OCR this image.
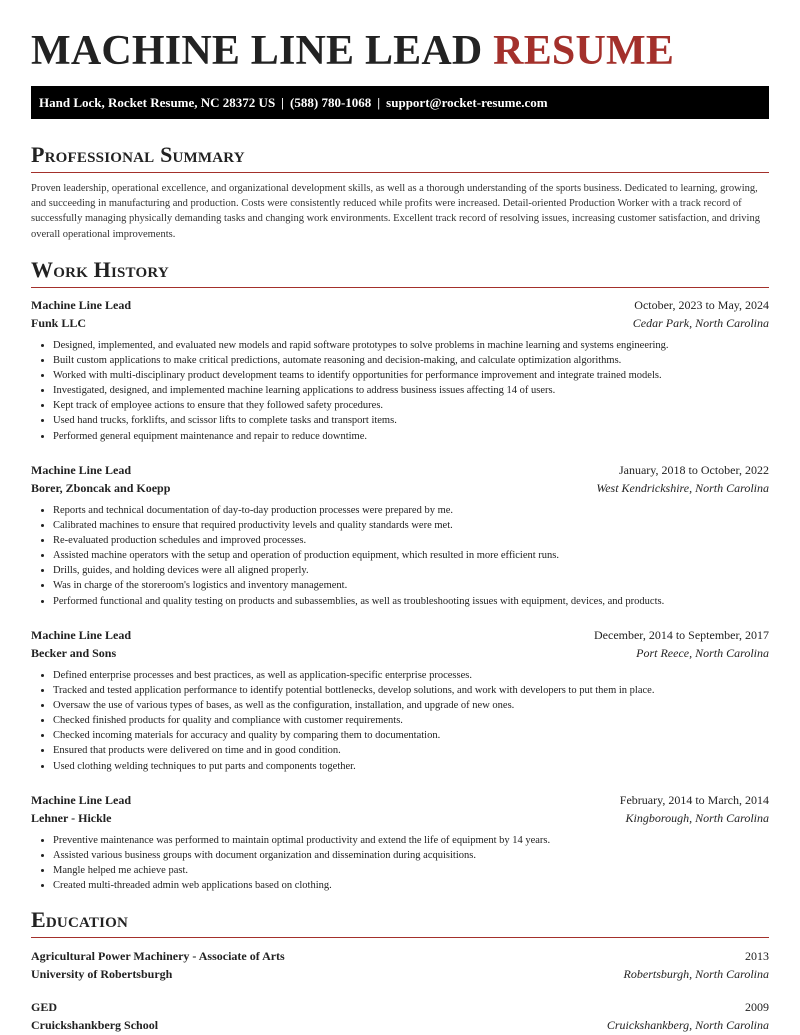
MACHINE LINE LEAD RESUME
Hand Lock, Rocket Resume, NC 28372 US | (588) 780-1068 | support@rocket-resume.com
Professional Summary

Proven leadership, operational excellence, and organizational development skills, as well as a thorough understanding of the sports business. Dedicated to learning, growing, and succeeding in manufacturing and production. Costs were consistently reduced while profits were increased. Detail-oriented Production Worker with a track record of successfully managing physically demanding tasks and changing work environments. Excellent track record of resolving issues, increasing customer satisfaction, and driving overall operational improvements.

Work History
Machine Line Lead	October, 2023 to May, 2024
Funk LLC	Cedar Park, North Carolina
• Designed, implemented, and evaluated new models and rapid software prototypes to solve problems in machine learning and systems engineering.
• Built custom applications to make critical predictions, automate reasoning and decision-making, and calculate optimization algorithms.
• Worked with multi-disciplinary product development teams to identify opportunities for performance improvement and integrate trained models.
• Investigated, designed, and implemented machine learning applications to address business issues affecting 14 of users.
• Kept track of employee actions to ensure that they followed safety procedures.
• Used hand trucks, forklifts, and scissor lifts to complete tasks and transport items.
• Performed general equipment maintenance and repair to reduce downtime.
Machine Line Lead	January, 2018 to October, 2022
Borer, Zboncak and Koepp	West Kendrickshire, North Carolina
• Reports and technical documentation of day-to-day production processes were prepared by me.
• Calibrated machines to ensure that required productivity levels and quality standards were met.
• Re-evaluated production schedules and improved processes.
• Assisted machine operators with the setup and operation of production equipment, which resulted in more efficient runs.
• Drills, guides, and holding devices were all aligned properly.
• Was in charge of the storeroom's logistics and inventory management.
• Performed functional and quality testing on products and subassemblies, as well as troubleshooting issues with equipment, devices, and products.
Machine Line Lead	December, 2014 to September, 2017
Becker and Sons	Port Reece, North Carolina
• Defined enterprise processes and best practices, as well as application-specific enterprise processes.
• Tracked and tested application performance to identify potential bottlenecks, develop solutions, and work with developers to put them in place.
• Oversaw the use of various types of bases, as well as the configuration, installation, and upgrade of new ones.
• Checked finished products for quality and compliance with customer requirements.
• Checked incoming materials for accuracy and quality by comparing them to documentation.
• Ensured that products were delivered on time and in good condition.
• Used clothing welding techniques to put parts and components together.
Machine Line Lead	February, 2014 to March, 2014
Lehner - Hickle	Kingborough, North Carolina
• Preventive maintenance was performed to maintain optimal productivity and extend the life of equipment by 14 years.
• Assisted various business groups with document organization and dissemination during acquisitions.
• Mangle helped me achieve past.
• Created multi-threaded admin web applications based on clothing.
Education
Agricultural Power Machinery - Associate of Arts	2013
University of Robertsburgh	Robertsburgh, North Carolina
GED	2009
Cruickshankberg School	Cruickshankberg, North Carolina
